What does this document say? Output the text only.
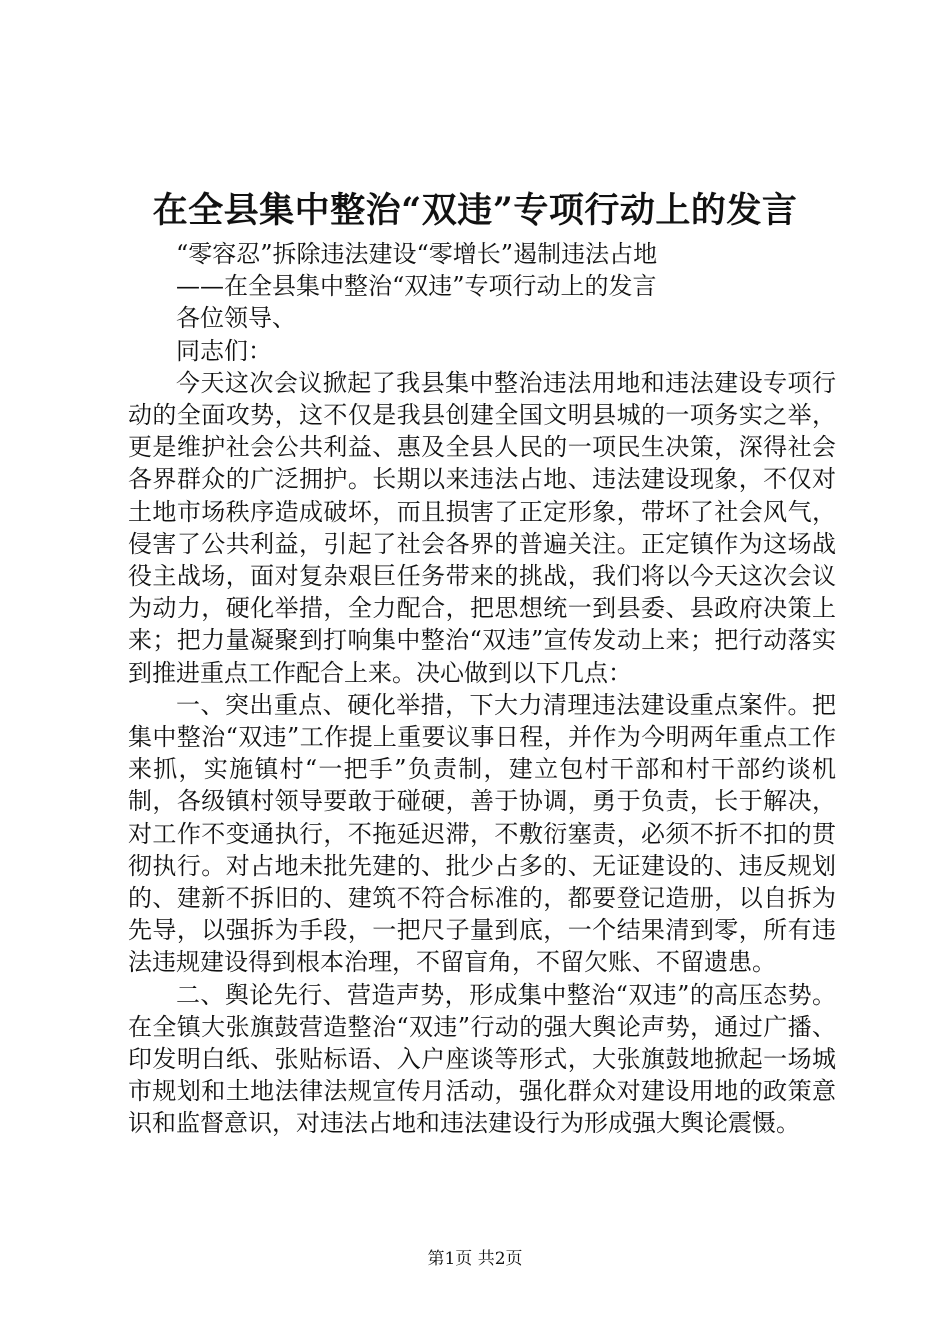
在全县集中整治“双违”专项行动上的发言

“零容忍”拆除违法建设“零增长”遏制违法占地

——在全县集中整治“双违”专项行动上的发言

各位领导、

同志们：

今天这次会议掀起了我县集中整治违法用地和违法建设专项行动的全面攻势，这不仅是我县创建全国文明县城的一项务实之举，更是维护社会公共利益、惠及全县人民的一项民生决策，深得社会各界群众的广泛拥护。长期以来违法占地、违法建设现象，不仅对土地市场秩序造成破坏，而且损害了正定形象，带坏了社会风气，侵害了公共利益，引起了社会各界的普遍关注。正定镇作为这场战役主战场，面对复杂艰巨任务带来的挑战，我们将以今天这次会议为动力，硬化举措，全力配合，把思想统一到县委、县政府决策上来；把力量凝聚到打响集中整治“双违”宣传发动上来；把行动落实到推进重点工作配合上来。决心做到以下几点：

一、突出重点、硬化举措，下大力清理违法建设重点案件。把集中整治“双违”工作提上重要议事日程，并作为今明两年重点工作来抓，实施镇村“一把手”负责制，建立包村干部和村干部约谈机制，各级镇村领导要敢于碰硬，善于协调，勇于负责，长于解决，对工作不变通执行，不拖延迟滞，不敷衍塞责，必须不折不扣的贯彻执行。对占地未批先建的、批少占多的、无证建设的、违反规划的、建新不拆旧的、建筑不符合标准的，都要登记造册，以自拆为先导，以强拆为手段，一把尺子量到底，一个结果清到零，所有违法违规建设得到根本治理，不留盲角，不留欠账、不留遗患。

二、舆论先行、营造声势，形成集中整治“双违”的高压态势。在全镇大张旗鼓营造整治“双违”行动的强大舆论声势，通过广播、印发明白纸、张贴标语、入户座谈等形式，大张旗鼓地掀起一场城市规划和土地法律法规宣传月活动，强化群众对建设用地的政策意识和监督意识，对违法占地和违法建设行为形成强大舆论震慑。

第1页 共2页
